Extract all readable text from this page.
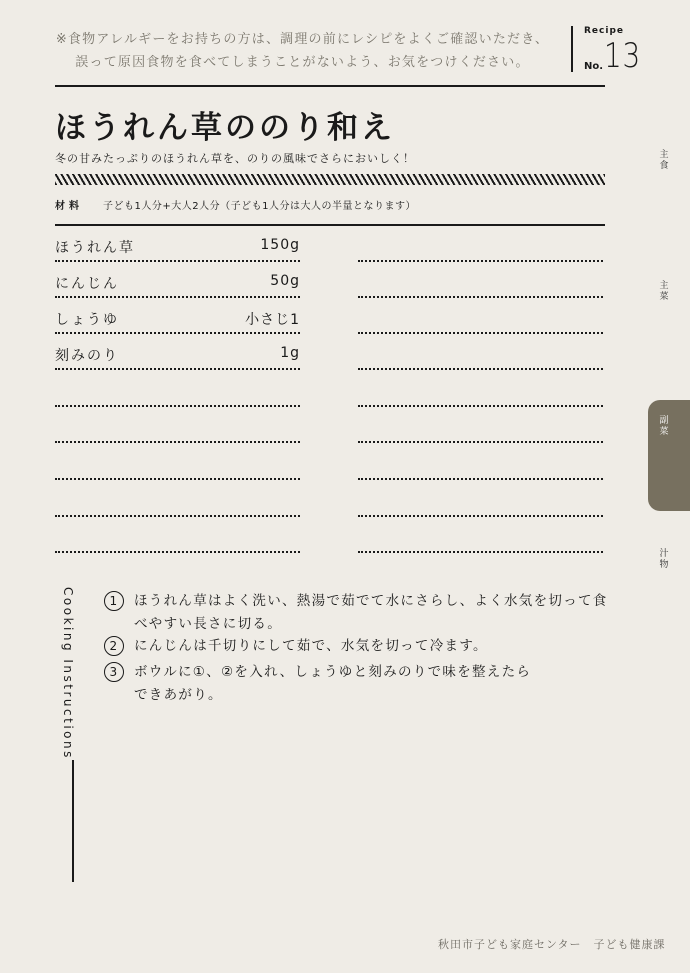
※食物アレルギーをお持ちの方は、調理の前にレシピをよくご確認いただき、
誤って原因食物を食べてしまうことがないよう、お気をつけください。
Recipe
No. 13
ほうれん草ののり和え
冬の甘みたっぷりのほうれん草を、のりの風味でさらにおいしく！
材料 子ども1人分+大人2人分（子ども1人分は大人の半量となります）
ほうれん草	150g
にんじん	50g
しょうゆ	小さじ1
刻みのり	1g
主食
主菜
副菜
汁物
Cooking Instructions	1	ほうれん草はよく洗い、熱湯で茹でて水にさらし、よく水気を切って食べやすい長さに切る。
2	にんじんは千切りにして茹で、水気を切って冷ます。
3	ボウルに①、②を入れ、しょうゆと刻みのりで味を整えたらできあがり。
秋田市子ども家庭センター　子ども健康課
